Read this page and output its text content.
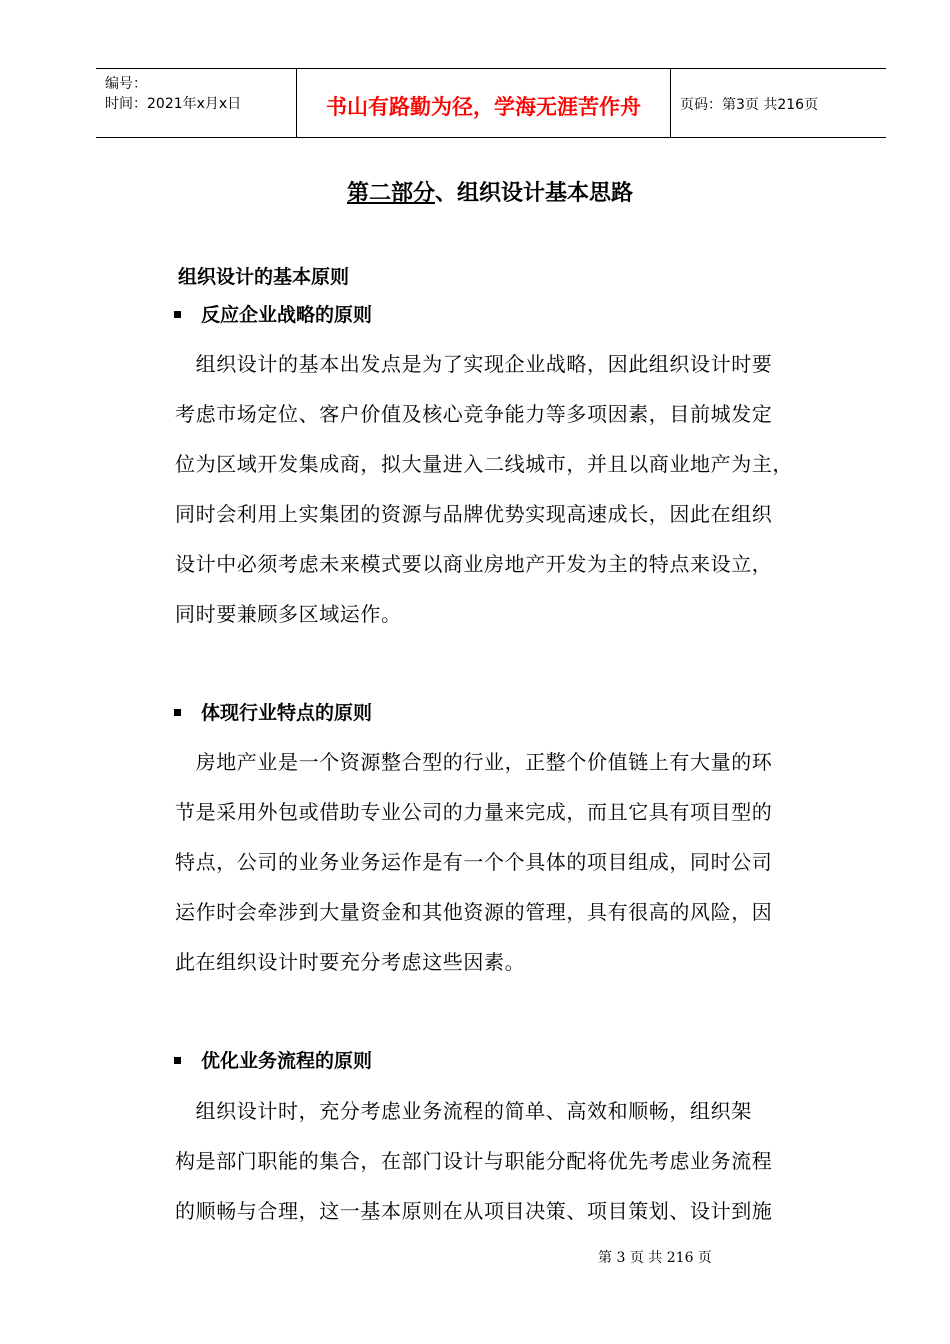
编号：
时间：2021年x月x日	书山有路勤为径，学海无涯苦作舟	页码：第3页 共216页
第二部分、组织设计基本思路
组织设计的基本原则
反应企业战略的原则
　组织设计的基本出发点是为了实现企业战略，因此组织设计时要
考虑市场定位、客户价值及核心竞争能力等多项因素，目前城发定
位为区域开发集成商，拟大量进入二线城市，并且以商业地产为主，
同时会利用上实集团的资源与品牌优势实现高速成长，因此在组织
设计中必须考虑未来模式要以商业房地产开发为主的特点来设立，
同时要兼顾多区域运作。
体现行业特点的原则
　房地产业是一个资源整合型的行业，正整个价值链上有大量的环
节是采用外包或借助专业公司的力量来完成，而且它具有项目型的
特点，公司的业务业务运作是有一个个具体的项目组成，同时公司
运作时会牵涉到大量资金和其他资源的管理，具有很高的风险，因
此在组织设计时要充分考虑这些因素。
优化业务流程的原则
　组织设计时，充分考虑业务流程的简单、高效和顺畅，组织架
构是部门职能的集合，在部门设计与职能分配将优先考虑业务流程
的顺畅与合理，这一基本原则在从项目决策、项目策划、设计到施
第 3 页 共 216 页
